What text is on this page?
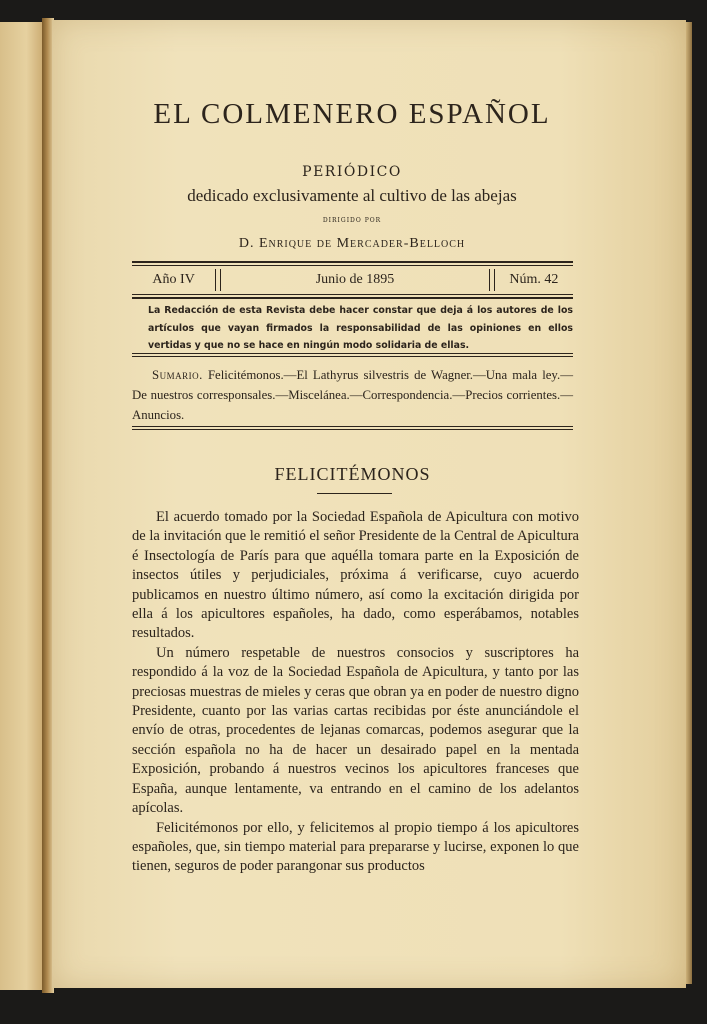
EL COLMENERO ESPAÑOL
PERIÓDICO
dedicado exclusivamente al cultivo de las abejas
DIRIGIDO POR
D. Enrique de Mercader-Belloch
Año IV	Junio de 1895	Núm. 42
La Redacción de esta Revista debe hacer constar que deja á los autores de los artículos que vayan firmados la responsabilidad de las opiniones en ellos vertidas y que no se hace en ningún modo solidaria de ellas.
Sumario. Felicitémonos.—El Lathyrus silvestris de Wagner.—Una mala ley.—De nuestros corresponsales.—Miscelánea.—Correspondencia.—Precios corrientes.—Anuncios.
FELICITÉMONOS

El acuerdo tomado por la Sociedad Española de Apicultura con motivo de la invitación que le remitió el señor Presidente de la Central de Apicultura é Insectología de París para que aquélla tomara parte en la Exposición de insectos útiles y perjudiciales, próxima á verificarse, cuyo acuerdo publicamos en nuestro último número, así como la excitación dirigida por ella á los apicultores españoles, ha dado, como esperábamos, notables resultados.

Un número respetable de nuestros consocios y suscriptores ha respondido á la voz de la Sociedad Española de Apicultura, y tanto por las preciosas muestras de mieles y ceras que obran ya en poder de nuestro digno Presidente, cuanto por las varias cartas recibidas por éste anunciándole el envío de otras, procedentes de lejanas comarcas, podemos asegurar que la sección española no ha de hacer un desairado papel en la mentada Exposición, probando á nuestros vecinos los apicultores franceses que España, aunque lentamente, va entrando en el camino de los adelantos apícolas.

Felicitémonos por ello, y felicitemos al propio tiempo á los apicultores españoles, que, sin tiempo material para prepararse y lucirse, exponen lo que tienen, seguros de poder parangonar sus productos
